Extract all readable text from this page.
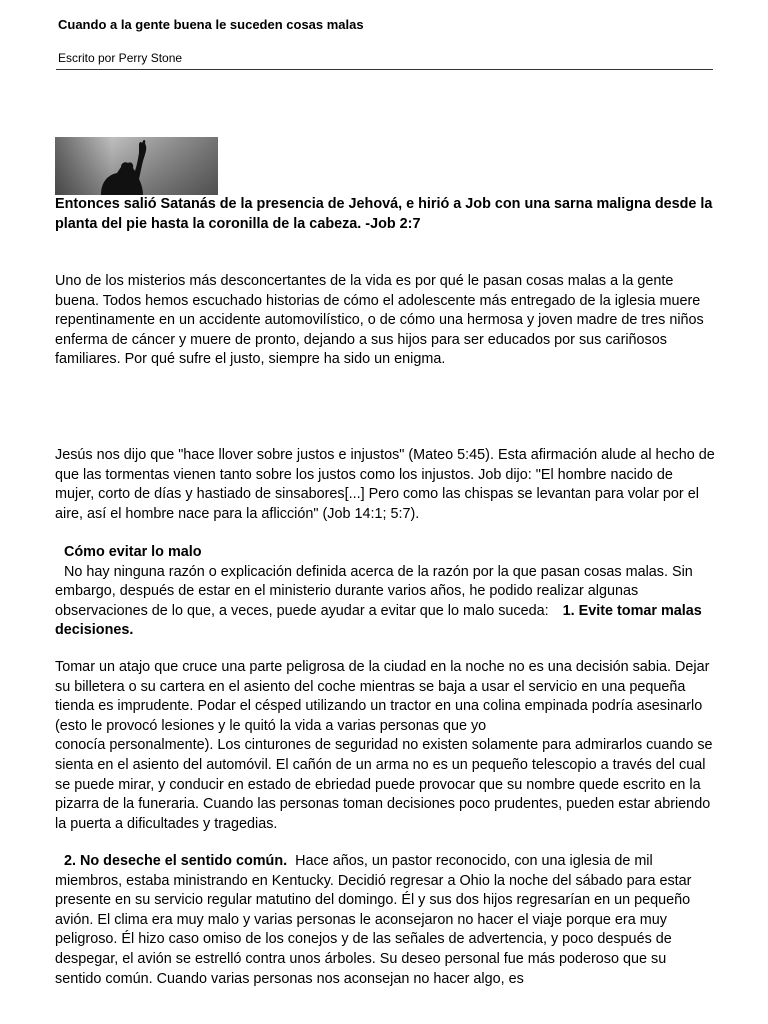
Cuando a la gente buena le suceden cosas malas
Escrito por Perry Stone
Entonces salió Satanás de la presencia de Jehová, e hirió a Job con una sarna maligna desde la planta del pie hasta la coronilla de la cabeza. -Job 2:7
Uno de los misterios más desconcertantes de la vida es por qué le pasan cosas malas a la gente buena. Todos hemos escuchado historias de cómo el adolescente más entregado de la iglesia muere repentinamente en un accidente automovilístico, o de cómo una hermosa y joven madre de tres niños enferma de cáncer y muere de pronto, dejando a sus hijos para ser educados por sus cariñosos familiares. Por qué sufre el justo, siempre ha sido un enigma.
Jesús nos dijo que "hace llover sobre justos e injustos" (Mateo 5:45). Esta afirmación alude al hecho de que las tormentas vienen tanto sobre los justos como los injustos. Job dijo: "El hombre nacido de mujer, corto de días y hastiado de sinsabores[...] Pero como las chispas se levantan para volar por el aire, así el hombre nace para la aflicción" (Job 14:1; 5:7).
Cómo evitar lo malo
No hay ninguna razón o explicación definida acerca de la razón por la que pasan cosas malas. Sin embargo, después de estar en el ministerio durante varios años, he podido realizar algunas observaciones de lo que, a veces, puede ayudar a evitar que lo malo suceda: 1. Evite tomar malas decisiones.
Tomar un atajo que cruce una parte peligrosa de la ciudad en la noche no es una decisión sabia. Dejar su billetera o su cartera en el asiento del coche mientras se baja a usar el servicio en una pequeña tienda es imprudente. Podar el césped utilizando un tractor en una colina empinada podría asesinarlo (esto le provocó lesiones y le quitó la vida a varias personas que yo
conocía personalmente). Los cinturones de seguridad no existen solamente para admirarlos cuando se sienta en el asiento del automóvil. El cañón de un arma no es un pequeño telescopio a través del cual se puede mirar, y conducir en estado de ebriedad puede provocar que su nombre quede escrito en la pizarra de la funeraria. Cuando las personas toman decisiones poco prudentes, pueden estar abriendo la puerta a dificultades y tragedias.
2. No deseche el sentido común. Hace años, un pastor reconocido, con una iglesia de mil miembros, estaba ministrando en Kentucky. Decidió regresar a Ohio la noche del sábado para estar presente en su servicio regular matutino del domingo. Él y sus dos hijos regresarían en un pequeño avión. El clima era muy malo y varias personas le aconsejaron no hacer el viaje porque era muy peligroso. Él hizo caso omiso de los conejos y de las señales de advertencia, y poco después de despegar, el avión se estrelló contra unos árboles. Su deseo personal fue más poderoso que su sentido común. Cuando varias personas nos aconsejan no hacer algo, es
